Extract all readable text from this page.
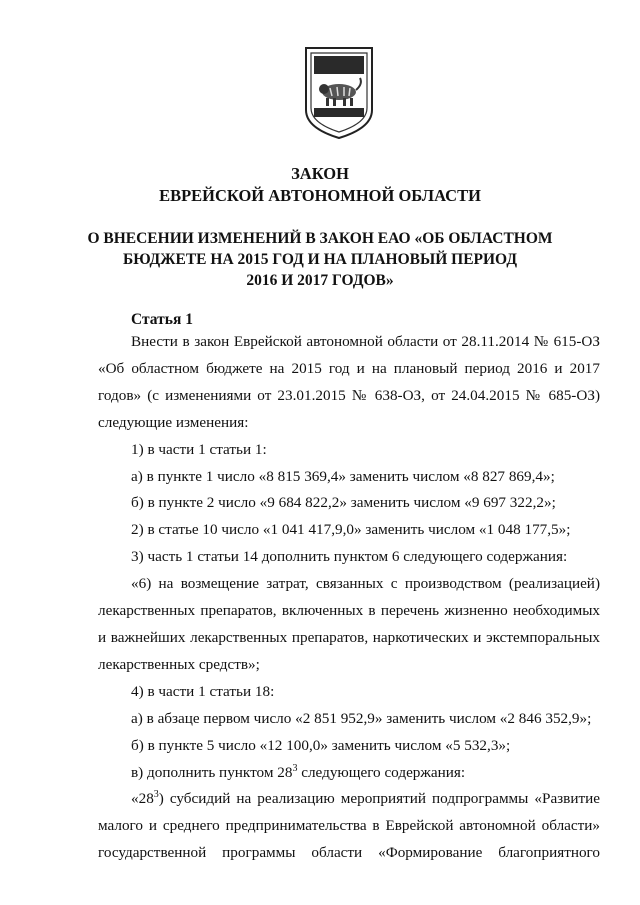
ЗАКОН
ЕВРЕЙСКОЙ АВТОНОМНОЙ ОБЛАСТИ
О ВНЕСЕНИИ ИЗМЕНЕНИЙ В ЗАКОН ЕАО «ОБ ОБЛАСТНОМ
БЮДЖЕТЕ НА 2015 ГОД И НА ПЛАНОВЫЙ ПЕРИОД
2016 И 2017 ГОДОВ»
Статья 1

Внести в закон Еврейской автономной области от 28.11.2014 № 615-ОЗ «Об областном бюджете на 2015 год и на плановый период 2016 и 2017 годов» (с изменениями от 23.01.2015 № 638-ОЗ, от 24.04.2015 № 685-ОЗ) следующие изменения:

1) в части 1 статьи 1:

а) в пункте 1 число «8 815 369,4» заменить числом «8 827 869,4»;

б) в пункте 2 число «9 684 822,2» заменить числом «9 697 322,2»;

2) в статье 10 число «1 041 417,9,0» заменить числом «1 048 177,5»;

3) часть 1 статьи 14 дополнить пунктом 6 следующего содержания:

«6) на возмещение затрат, связанных с производством (реализацией) лекарственных препаратов, включенных в перечень жизненно необходимых и важнейших лекарственных препаратов, наркотических и экстемпоральных лекарственных средств»;

4) в части 1 статьи 18:

а) в абзаце первом число «2 851 952,9» заменить числом «2 846 352,9»;

б) в пункте 5 число «12 100,0» заменить числом «5 532,3»;

в) дополнить пунктом $28^3$ следующего содержания:

«$28^3$) субсидий на реализацию мероприятий подпрограммы «Развитие малого и среднего предпринимательства в Еврейской автономной области» государственной программы области «Формирование благоприятного
